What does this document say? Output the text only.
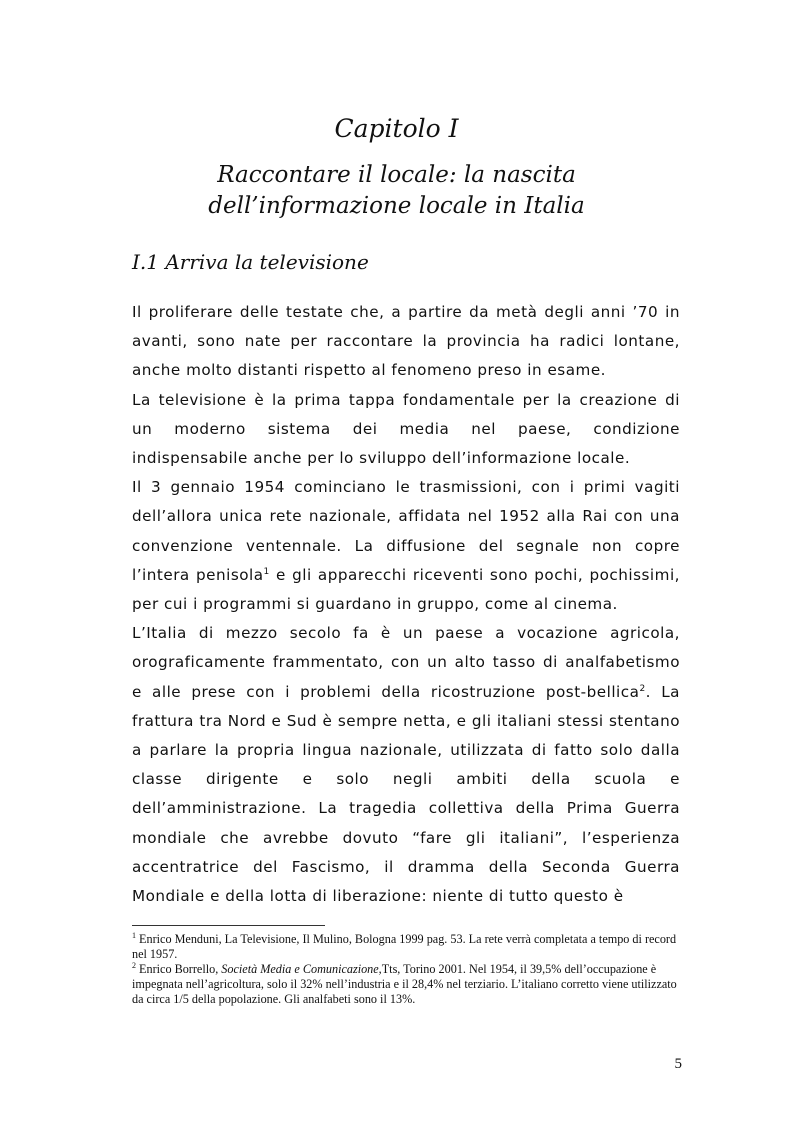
Capitolo I
Raccontare il locale: la nascita dell’informazione locale in Italia
I.1 Arriva la televisione

Il proliferare delle testate che, a partire da metà degli anni ’70 in avanti, sono nate per raccontare la provincia ha radici lontane, anche molto distanti rispetto al fenomeno preso in esame.

La televisione è la prima tappa fondamentale per la creazione di un moderno sistema dei media nel paese, condizione indispensabile anche per lo sviluppo dell’informazione locale.

Il 3 gennaio 1954 cominciano le trasmissioni, con i primi vagiti dell’allora unica rete nazionale, affidata nel 1952 alla Rai con una convenzione ventennale. La diffusione del segnale non copre l’intera penisola$^1$ e gli apparecchi riceventi sono pochi, pochissimi, per cui i programmi si guardano in gruppo, come al cinema.

L’Italia di mezzo secolo fa è un paese a vocazione agricola, orograficamente frammentato, con un alto tasso di analfabetismo e alle prese con i problemi della ricostruzione post-bellica$^2$. La frattura tra Nord e Sud è sempre netta, e gli italiani stessi stentano a parlare la propria lingua nazionale, utilizzata di fatto solo dalla classe dirigente e solo negli ambiti della scuola e dell’amministrazione. La tragedia collettiva della Prima Guerra mondiale che avrebbe dovuto “fare gli italiani”, l’esperienza accentratrice del Fascismo, il dramma della Seconda Guerra Mondiale e della lotta di liberazione: niente di tutto questo è

$^1$ Enrico Menduni, La Televisione, Il Mulino, Bologna 1999 pag. 53. La rete verrà completata a tempo di record nel 1957.

$^2$ Enrico Borrello, Società Media e Comunicazione,Tts, Torino 2001. Nel 1954, il 39,5% dell’occupazione è impegnata nell’agricoltura, solo il 32% nell’industria e il 28,4% nel terziario. L’italiano corretto viene utilizzato da circa 1/5 della popolazione. Gli analfabeti sono il 13%.

5
